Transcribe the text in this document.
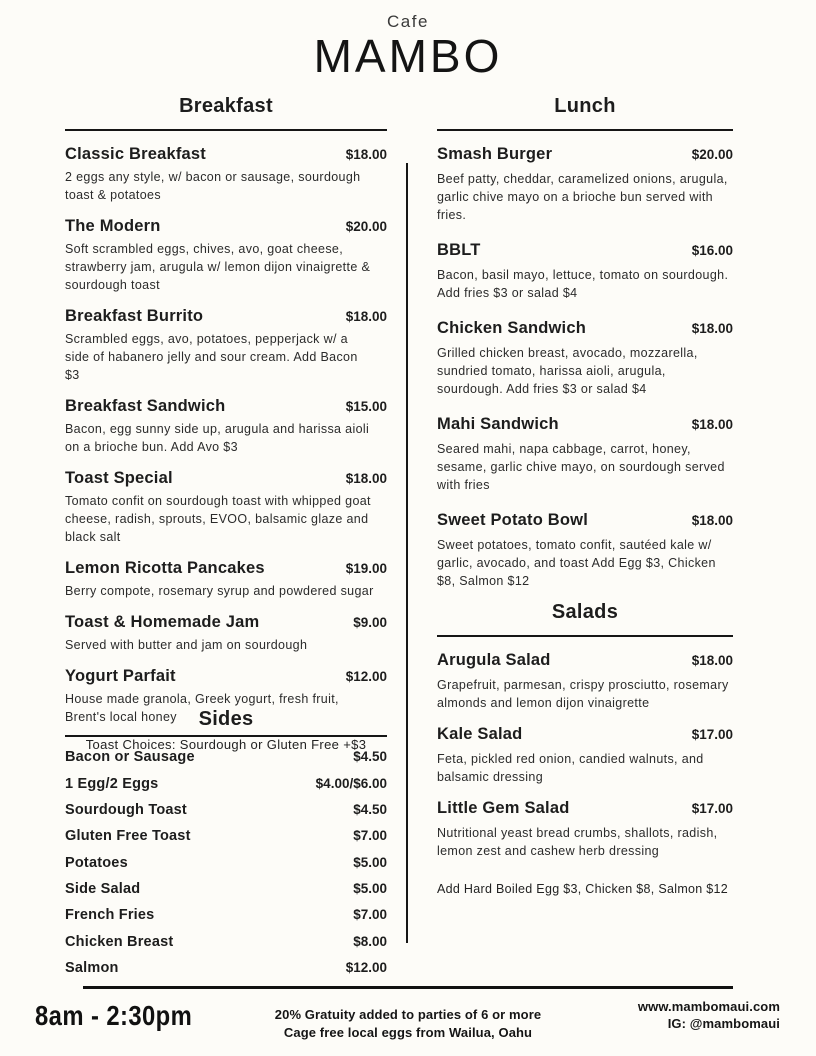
Cafe
MAMBO
Breakfast
Classic Breakfast	$18.00
2 eggs any style, w/ bacon or sausage, sourdough toast & potatoes
The Modern	$20.00
Soft scrambled eggs, chives, avo, goat cheese, strawberry jam, arugula w/ lemon dijon vinaigrette & sourdough toast
Breakfast Burrito	$18.00
Scrambled eggs, avo, potatoes, pepperjack w/ a side of habanero jelly and sour cream. Add Bacon $3
Breakfast Sandwich	$15.00
Bacon, egg sunny side up, arugula and harissa aioli on a brioche bun. Add Avo $3
Toast Special	$18.00
Tomato confit on sourdough toast with whipped goat cheese, radish, sprouts, EVOO, balsamic glaze and black salt
Lemon Ricotta Pancakes	$19.00
Berry compote, rosemary syrup and powdered sugar
Toast & Homemade Jam	$9.00
Served with butter and jam on sourdough
Yogurt Parfait	$12.00
House made granola, Greek yogurt, fresh fruit, Brent's local honey
Toast Choices: Sourdough or Gluten Free +$3
Sides
Bacon or Sausage	$4.50
1 Egg/2 Eggs	$4.00/$6.00
Sourdough Toast	$4.50
Gluten Free Toast	$7.00
Potatoes	$5.00
Side Salad	$5.00
French Fries	$7.00
Chicken Breast	$8.00
Salmon	$12.00
Lunch
Smash Burger	$20.00
Beef patty, cheddar, caramelized onions, arugula, garlic chive mayo on a brioche bun served with fries.
BBLT	$16.00
Bacon, basil mayo, lettuce, tomato on sourdough. Add fries $3 or salad $4
Chicken Sandwich	$18.00
Grilled chicken breast, avocado, mozzarella, sundried tomato, harissa aioli, arugula, sourdough. Add fries $3 or salad $4
Mahi Sandwich	$18.00
Seared mahi, napa cabbage, carrot, honey, sesame, garlic chive mayo, on sourdough served with fries
Sweet Potato Bowl	$18.00
Sweet potatoes, tomato confit, sautéed kale w/ garlic, avocado, and toast Add Egg $3, Chicken $8, Salmon $12
Salads
Arugula Salad	$18.00
Grapefruit, parmesan, crispy prosciutto, rosemary almonds and lemon dijon vinaigrette
Kale Salad	$17.00
Feta, pickled red onion, candied walnuts, and balsamic dressing
Little Gem Salad	$17.00
Nutritional yeast bread crumbs, shallots, radish, lemon zest and cashew herb dressing
Add Hard Boiled Egg $3, Chicken $8, Salmon $12
8am - 2:30pm	20% Gratuity added to parties of 6 or more
Cage free local eggs from Wailua, Oahu
www.mambomaui.com
IG: @mambomaui
